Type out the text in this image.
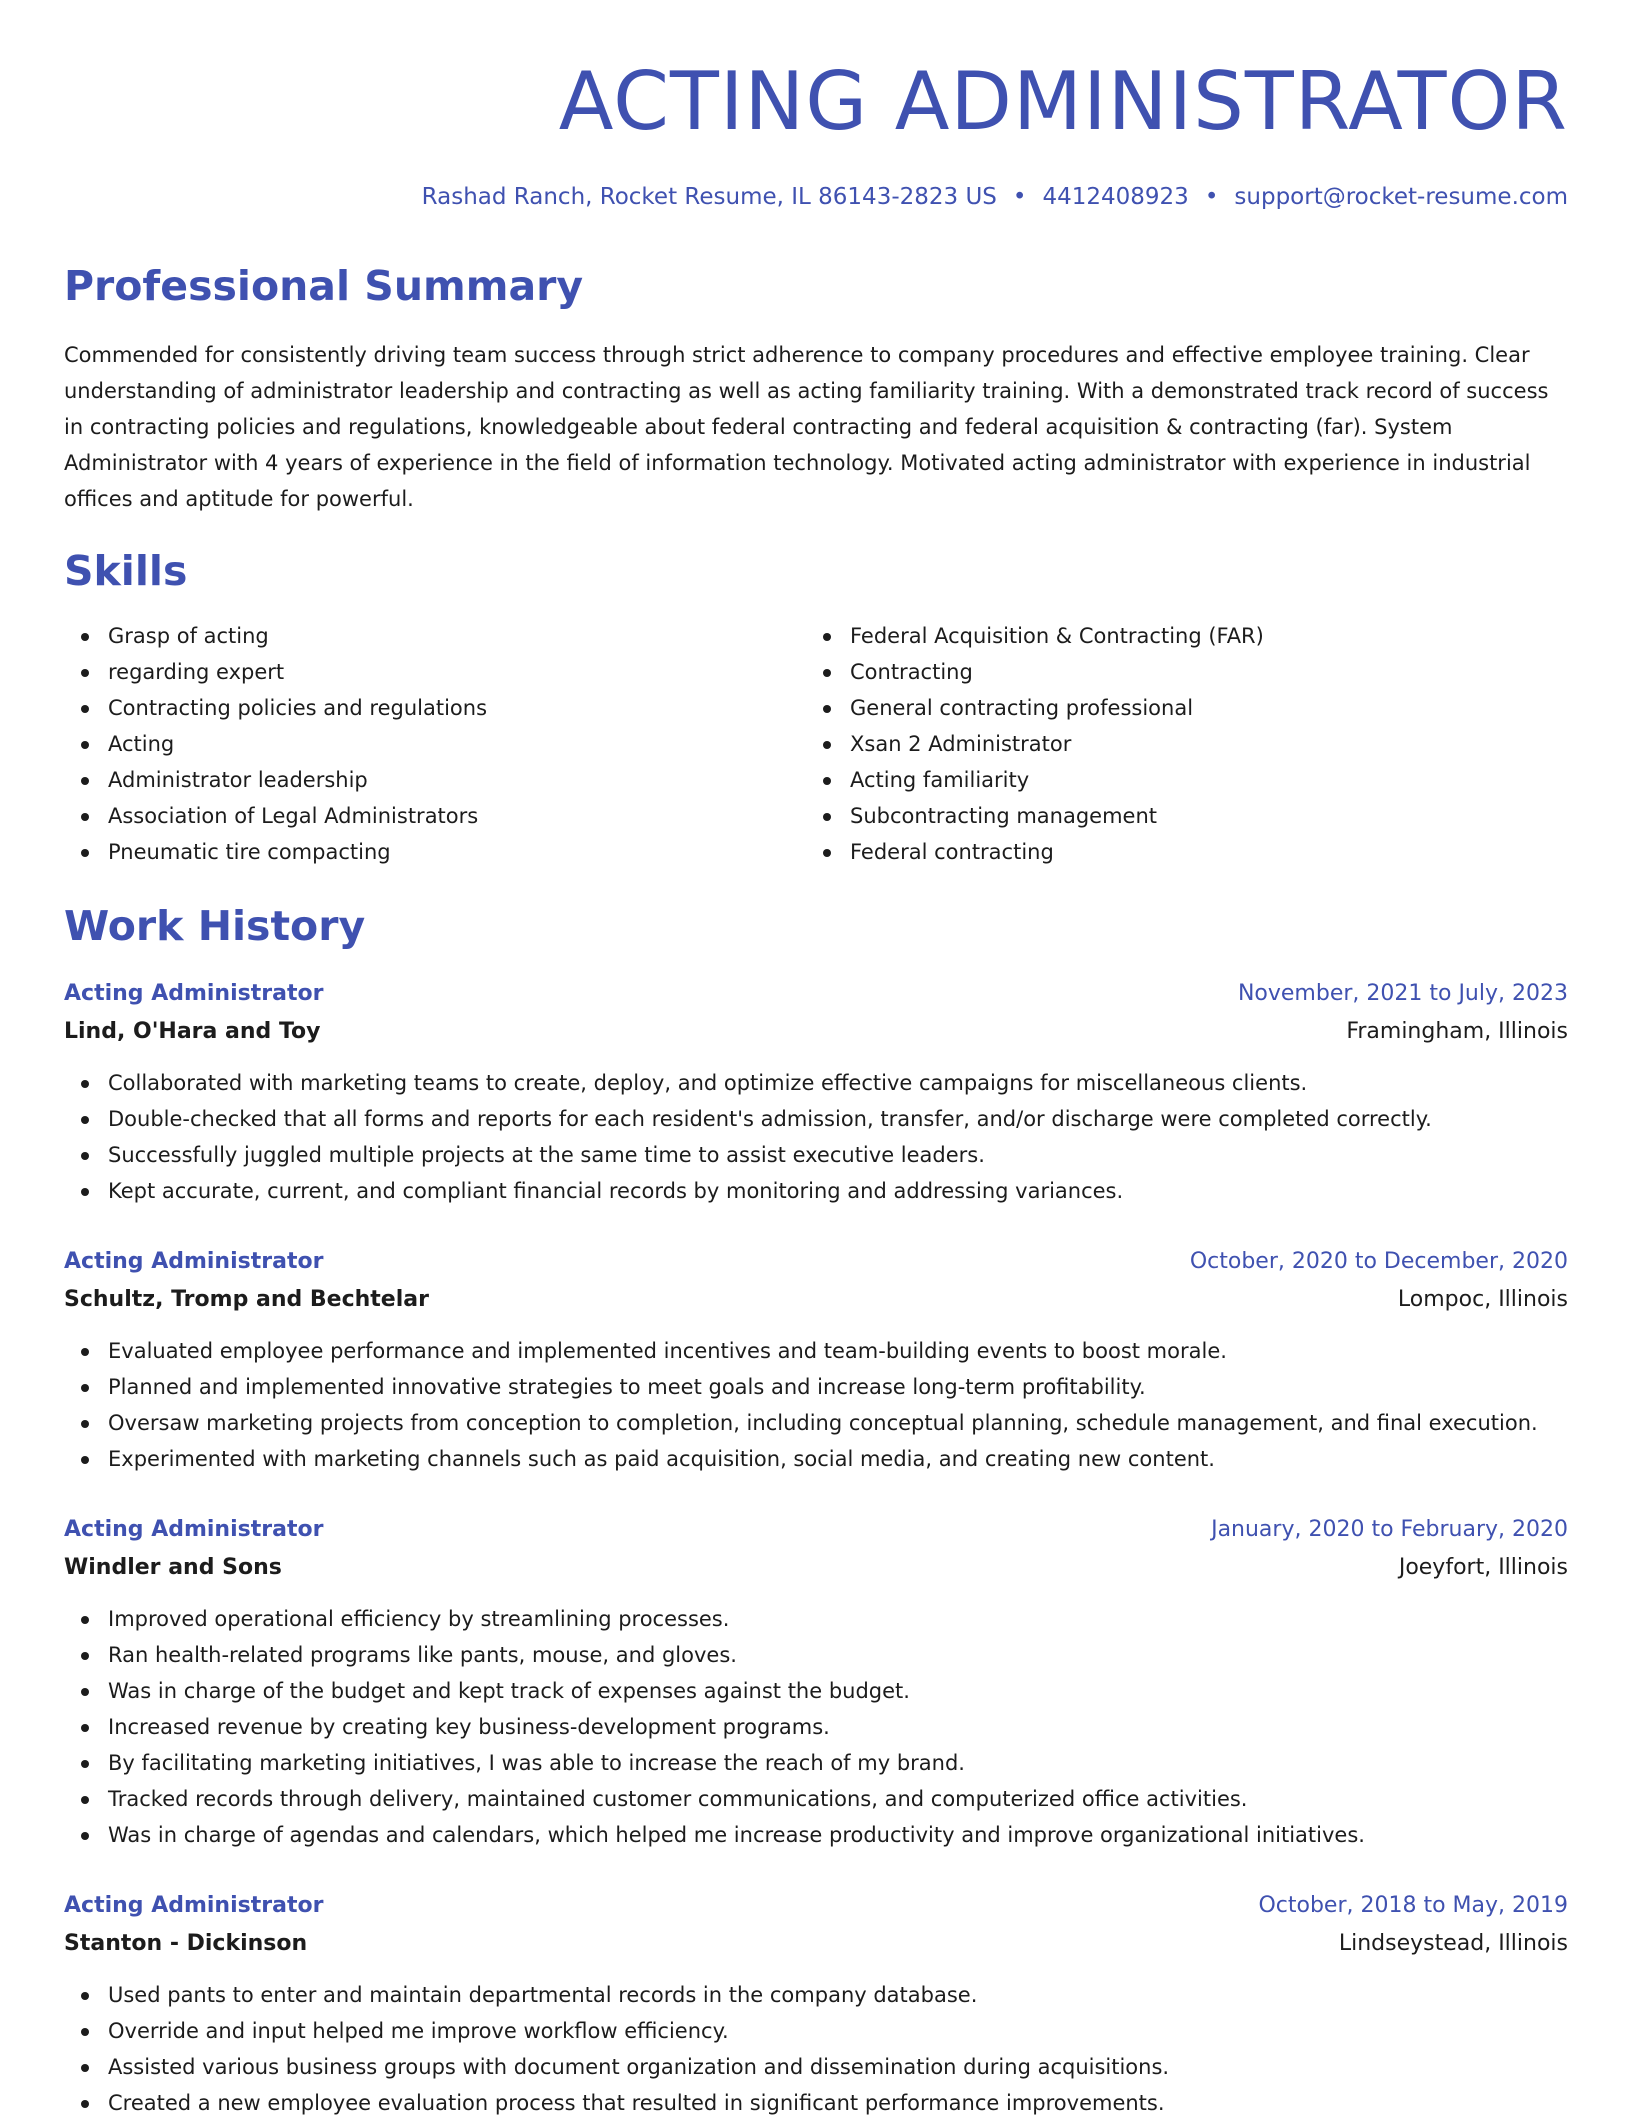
ACTING ADMINISTRATOR
Rashad Ranch, Rocket Resume, IL 86143-2823 US • 4412408923 • support@rocket-resume.com
Professional Summary
Commended for consistently driving team success through strict adherence to company procedures and effective employee training. Clear understanding of administrator leadership and contracting as well as acting familiarity training. With a demonstrated track record of success in contracting policies and regulations, knowledgeable about federal contracting and federal acquisition & contracting (far). System Administrator with 4 years of experience in the field of information technology. Motivated acting administrator with experience in industrial offices and aptitude for powerful.
Skills
Grasp of acting
regarding expert
Contracting policies and regulations
Acting
Administrator leadership
Association of Legal Administrators
Pneumatic tire compacting
Federal Acquisition & Contracting (FAR)
Contracting
General contracting professional
Xsan 2 Administrator
Acting familiarity
Subcontracting management
Federal contracting
Work History
Acting Administrator	November, 2021 to July, 2023
Lind, O'Hara and Toy	Framingham, Illinois
Collaborated with marketing teams to create, deploy, and optimize effective campaigns for miscellaneous clients.
Double-checked that all forms and reports for each resident's admission, transfer, and/or discharge were completed correctly.
Successfully juggled multiple projects at the same time to assist executive leaders.
Kept accurate, current, and compliant financial records by monitoring and addressing variances.
Acting Administrator	October, 2020 to December, 2020
Schultz, Tromp and Bechtelar	Lompoc, Illinois
Evaluated employee performance and implemented incentives and team-building events to boost morale.
Planned and implemented innovative strategies to meet goals and increase long-term profitability.
Oversaw marketing projects from conception to completion, including conceptual planning, schedule management, and final execution.
Experimented with marketing channels such as paid acquisition, social media, and creating new content.
Acting Administrator	January, 2020 to February, 2020
Windler and Sons	Joeyfort, Illinois
Improved operational efficiency by streamlining processes.
Ran health-related programs like pants, mouse, and gloves.
Was in charge of the budget and kept track of expenses against the budget.
Increased revenue by creating key business-development programs.
By facilitating marketing initiatives, I was able to increase the reach of my brand.
Tracked records through delivery, maintained customer communications, and computerized office activities.
Was in charge of agendas and calendars, which helped me increase productivity and improve organizational initiatives.
Acting Administrator	October, 2018 to May, 2019
Stanton - Dickinson	Lindseystead, Illinois
Used pants to enter and maintain departmental records in the company database.
Override and input helped me improve workflow efficiency.
Assisted various business groups with document organization and dissemination during acquisitions.
Created a new employee evaluation process that resulted in significant performance improvements.
